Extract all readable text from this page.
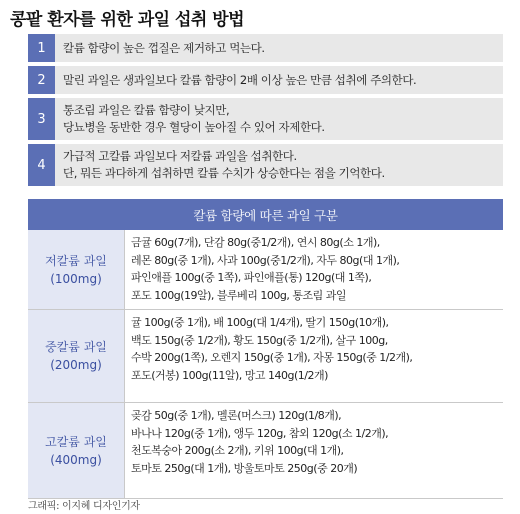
콩팥 환자를 위한 과일 섭취 방법
1	칼륨 함량이 높은 껍질은 제거하고 먹는다.
2	말린 과일은 생과일보다 칼륨 함량이 2배 이상 높은 만큼 섭취에 주의한다.
3
통조림 과일은 칼륨 함량이 낮지만,
당뇨병을 동반한 경우 혈당이 높아질 수 있어 자제한다.
4
가급적 고칼륨 과일보다 저칼륨 과일을 섭취한다.
단, 뭐든 과다하게 섭취하면 칼륨 수치가 상승한다는 점을 기억한다.
칼륨 함량에 따른 과일 구분
저칼륨 과일
(100mg)
금귤 60g(7개), 단감 80g(중1/2개), 연시 80g(소 1개),
레몬 80g(중 1개), 사과 100g(중1/2개), 자두 80g(대 1개),
파인애플 100g(중 1쪽), 파인애플(통) 120g(대 1쪽),
포도 100g(19알), 블루베리 100g, 통조림 과일
중칼륨 과일
(200mg)
귤 100g(중 1개), 배 100g(대 1/4개), 딸기 150g(10개),
백도 150g(중 1/2개), 황도 150g(중 1/2개), 살구 100g,
수박 200g(1쪽), 오렌지 150g(중 1개), 자몽 150g(중 1/2개),
포도(거봉) 100g(11알), 망고 140g(1/2개)
고칼륨 과일
(400mg)
곶감 50g(중 1개), 멜론(머스크) 120g(1/8개),
바나나 120g(중 1개), 앵두 120g, 참외 120g(소 1/2개),
천도복숭아 200g(소 2개), 키위 100g(대 1개),
토마토 250g(대 1개), 방울토마토 250g(중 20개)
그래픽: 이지혜 디자인기자
